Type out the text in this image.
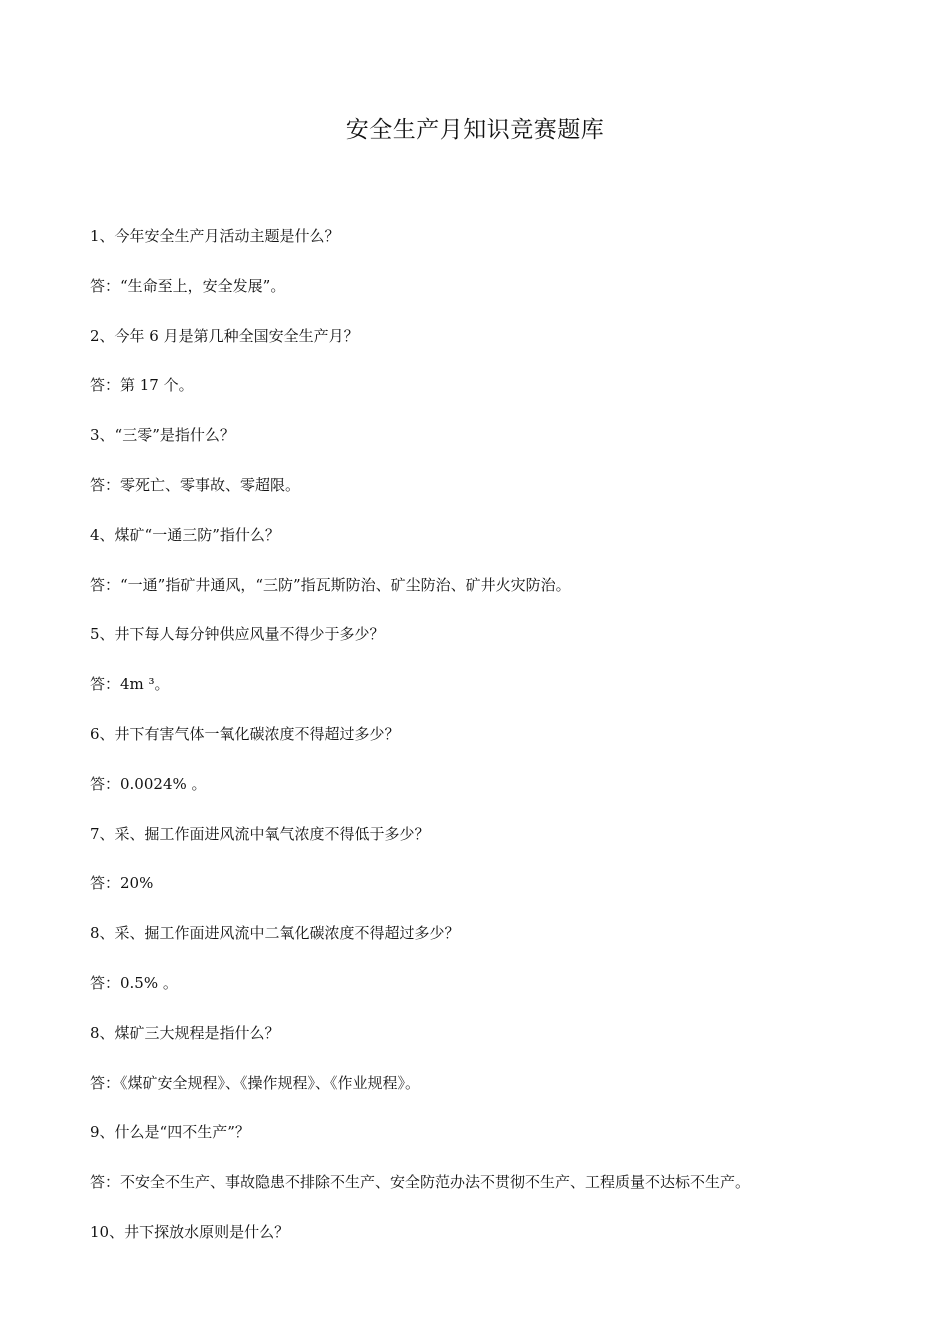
安全生产月知识竞赛题库
1、今年安全生产月活动主题是什么？
答：“生命至上，安全发展”。
2、今年 6 月是第几种全国安全生产月？
答：第 17 个。
3、“三零”是指什么？
答：零死亡、零事故、零超限。
4、煤矿“一通三防”指什么？
答：“一通”指矿井通风，“三防”指瓦斯防治、矿尘防治、矿井火灾防治。
5、井下每人每分钟供应风量不得少于多少？
答：4m ³。
6、井下有害气体一氧化碳浓度不得超过多少？
答：0.0024% 。
7、采、掘工作面进风流中氧气浓度不得低于多少？
答：20%
8、采、掘工作面进风流中二氧化碳浓度不得超过多少？
答：0.5% 。
8、煤矿三大规程是指什么？
答：《煤矿安全规程》、《操作规程》、《作业规程》。
9、什么是“四不生产”？
答：不安全不生产、事故隐患不排除不生产、安全防范办法不贯彻不生产、工程质量不达标不生产。
10、井下探放水原则是什么？
